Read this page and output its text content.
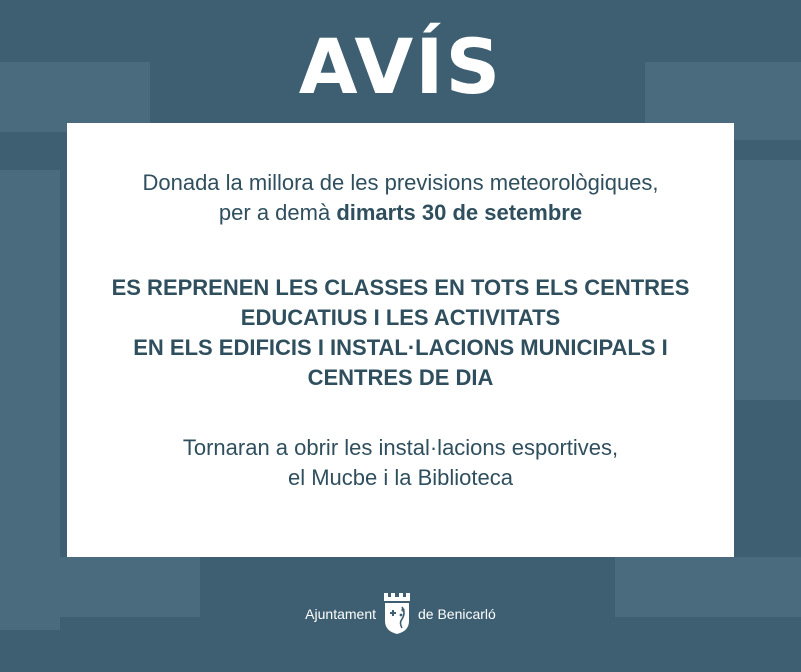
AVÍS

Donada la millora de les previsions meteorològiques,
per a demà dimarts 30 de setembre

ES REPRENEN LES CLASSES EN TOTS ELS CENTRES
EDUCATIUS I LES ACTIVITATS
EN ELS EDIFICIS I INSTAL·LACIONS MUNICIPALS I
CENTRES DE DIA

Tornaran a obrir les instal·lacions esportives,
el Mucbe i la Biblioteca

Ajuntament	de Benicarló
